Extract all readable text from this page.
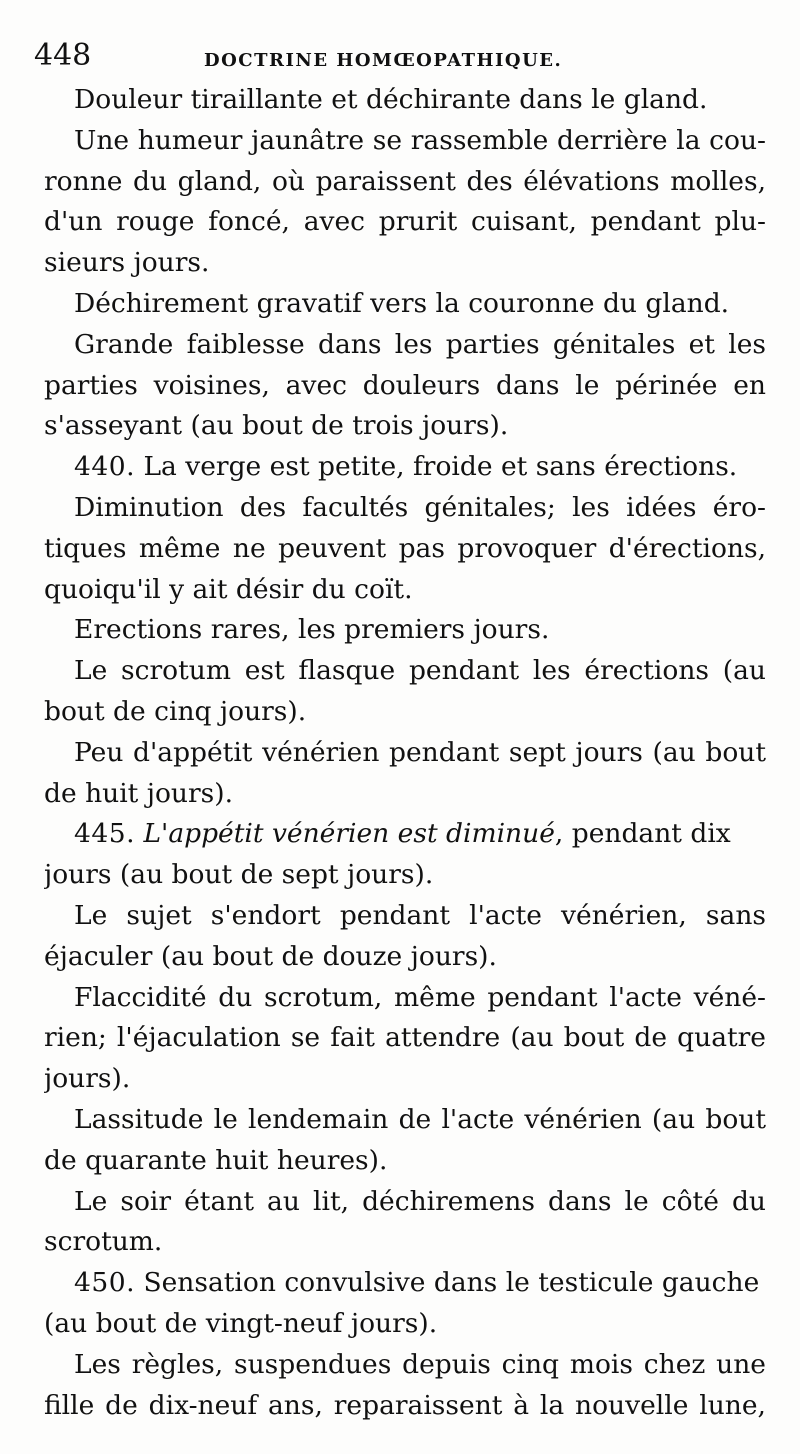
448	DOCTRINE HOMŒOPATHIQUE.
Douleur tiraillante et déchirante dans le gland.
Une humeur jaunâtre se rassemble derrière la cou-
ronne du gland, où paraissent des élévations molles,
d'un rouge foncé, avec prurit cuisant, pendant plu-
sieurs jours.
Déchirement gravatif vers la couronne du gland.
Grande faiblesse dans les parties génitales et les
parties voisines, avec douleurs dans le périnée en
s'asseyant (au bout de trois jours).
440. La verge est petite, froide et sans érections.
Diminution des facultés génitales; les idées éro-
tiques même ne peuvent pas provoquer d'érections,
quoiqu'il y ait désir du coït.
Erections rares, les premiers jours.
Le scrotum est flasque pendant les érections (au
bout de cinq jours).
Peu d'appétit vénérien pendant sept jours (au bout
de huit jours).
445. L'appétit vénérien est diminué, pendant dix
jours (au bout de sept jours).
Le sujet s'endort pendant l'acte vénérien, sans
éjaculer (au bout de douze jours).
Flaccidité du scrotum, même pendant l'acte véné-
rien; l'éjaculation se fait attendre (au bout de quatre
jours).
Lassitude le lendemain de l'acte vénérien (au bout
de quarante huit heures).
Le soir étant au lit, déchiremens dans le côté du
scrotum.
450. Sensation convulsive dans le testicule gauche
(au bout de vingt-neuf jours).
Les règles, suspendues depuis cinq mois chez une
fille de dix-neuf ans, reparaissent à la nouvelle lune,
